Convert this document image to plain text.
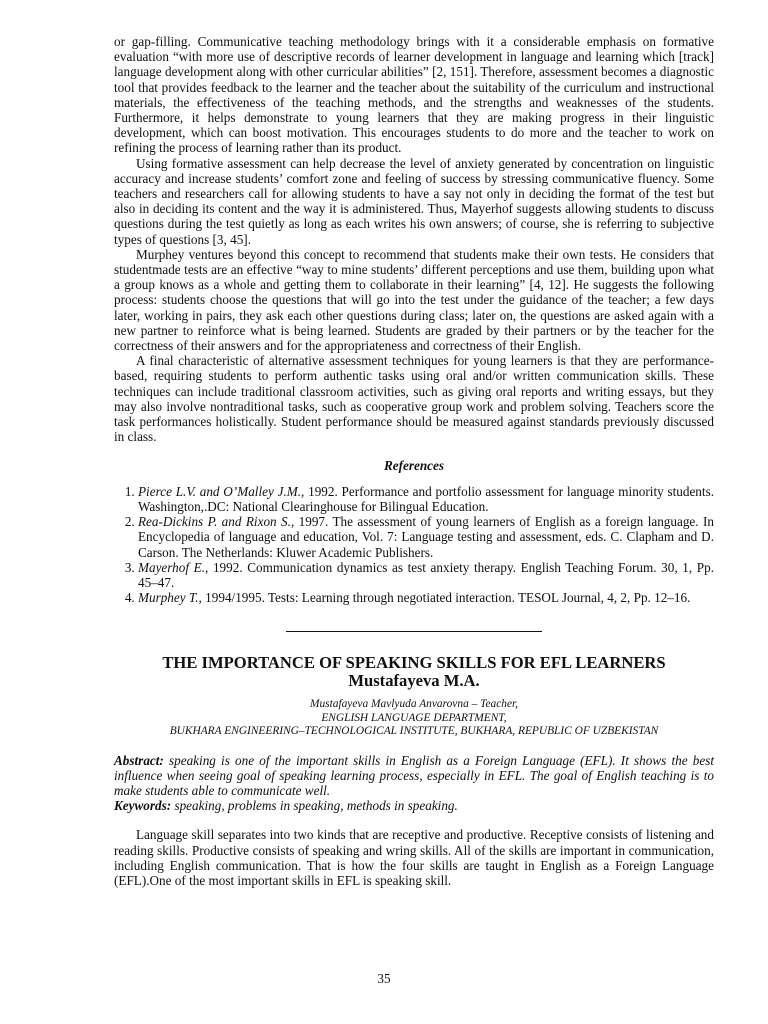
or gap-filling. Communicative teaching methodology brings with it a considerable emphasis on formative evaluation “with more use of descriptive records of learner development in language and learning which [track] language development along with other curricular abilities” [2, 151]. Therefore, assessment becomes a diagnostic tool that provides feedback to the learner and the teacher about the suitability of the curriculum and instructional materials, the effectiveness of the teaching methods, and the strengths and weaknesses of the students. Furthermore, it helps demonstrate to young learners that they are making progress in their linguistic development, which can boost motivation. This encourages students to do more and the teacher to work on refining the process of learning rather than its product.

Using formative assessment can help decrease the level of anxiety generated by concentration on linguistic accuracy and increase students’ comfort zone and feeling of success by stressing communicative fluency. Some teachers and researchers call for allowing students to have a say not only in deciding the format of the test but also in deciding its content and the way it is administered. Thus, Mayerhof suggests allowing students to discuss questions during the test quietly as long as each writes his own answers; of course, she is referring to subjective types of questions [3, 45].

Murphey ventures beyond this concept to recommend that students make their own tests. He considers that studentmade tests are an effective “way to mine students’ different perceptions and use them, building upon what a group knows as a whole and getting them to collaborate in their learning” [4, 12]. He suggests the following process: students choose the questions that will go into the test under the guidance of the teacher; a few days later, working in pairs, they ask each other questions during class; later on, the questions are asked again with a new partner to reinforce what is being learned. Students are graded by their partners or by the teacher for the correctness of their answers and for the appropriateness and correctness of their English.

A final characteristic of alternative assessment techniques for young learners is that they are performance-based, requiring students to perform authentic tasks using oral and/or written communication skills. These techniques can include traditional classroom activities, such as giving oral reports and writing essays, but they may also involve nontraditional tasks, such as cooperative group work and problem solving. Teachers score the task performances holistically. Student performance should be measured against standards previously discussed in class.

References
1. Pierce L.V. and O’Malley J.M., 1992. Performance and portfolio assessment for language minority students. Washington,.DC: National Clearinghouse for Bilingual Education.
2. Rea-Dickins P. and Rixon S., 1997. The assessment of young learners of English as a foreign language. In Encyclopedia of language and education, Vol. 7: Language testing and assessment, eds. C. Clapham and D. Carson. The Netherlands: Kluwer Academic Publishers.
3. Mayerhof E., 1992. Communication dynamics as test anxiety therapy. English Teaching Forum. 30, 1, Pp. 45–47.
4. Murphey T., 1994/1995. Tests: Learning through negotiated interaction. TESOL Journal, 4, 2, Pp. 12–16.
THE IMPORTANCE OF SPEAKING SKILLS FOR EFL LEARNERS
Mustafayeva M.A.
Mustafayeva Mavlyuda Anvarovna – Teacher,
ENGLISH LANGUAGE DEPARTMENT,
BUKHARA ENGINEERING–TECHNOLOGICAL INSTITUTE, BUKHARA, REPUBLIC OF UZBEKISTAN

Abstract: speaking is one of the important skills in English as a Foreign Language (EFL). It shows the best influence when seeing goal of speaking learning process, especially in EFL. The goal of English teaching is to make students able to communicate well.

Keywords: speaking, problems in speaking, methods in speaking.

Language skill separates into two kinds that are receptive and productive. Receptive consists of listening and reading skills. Productive consists of speaking and wring skills. All of the skills are important in communication, including English communication. That is how the four skills are taught in English as a Foreign Language (EFL).One of the most important skills in EFL is speaking skill.

35
